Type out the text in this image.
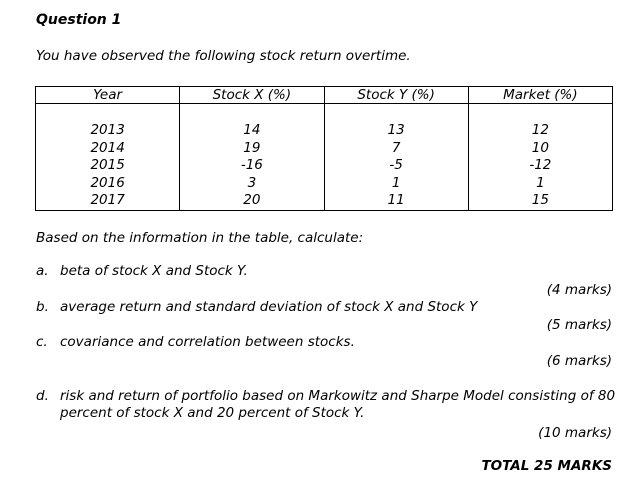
Question 1
You have observed the following stock return overtime.
Year	Stock X (%)	Stock Y (%)	Market (%)

2013	14	13	12
2014	19	7	10
2015	-16	-5	-12
2016	3	1	1
2017	20	11	15
Based on the information in the table, calculate:
a. beta of stock X and Stock Y.
(4 marks)
b. average return and standard deviation of stock X and Stock Y
(5 marks)
c. covariance and correlation between stocks.
(6 marks)
d. risk and return of portfolio based on Markowitz and Sharpe Model consisting of 80
percent of stock X and 20 percent of Stock Y.
(10 marks)
TOTAL 25 MARKS
